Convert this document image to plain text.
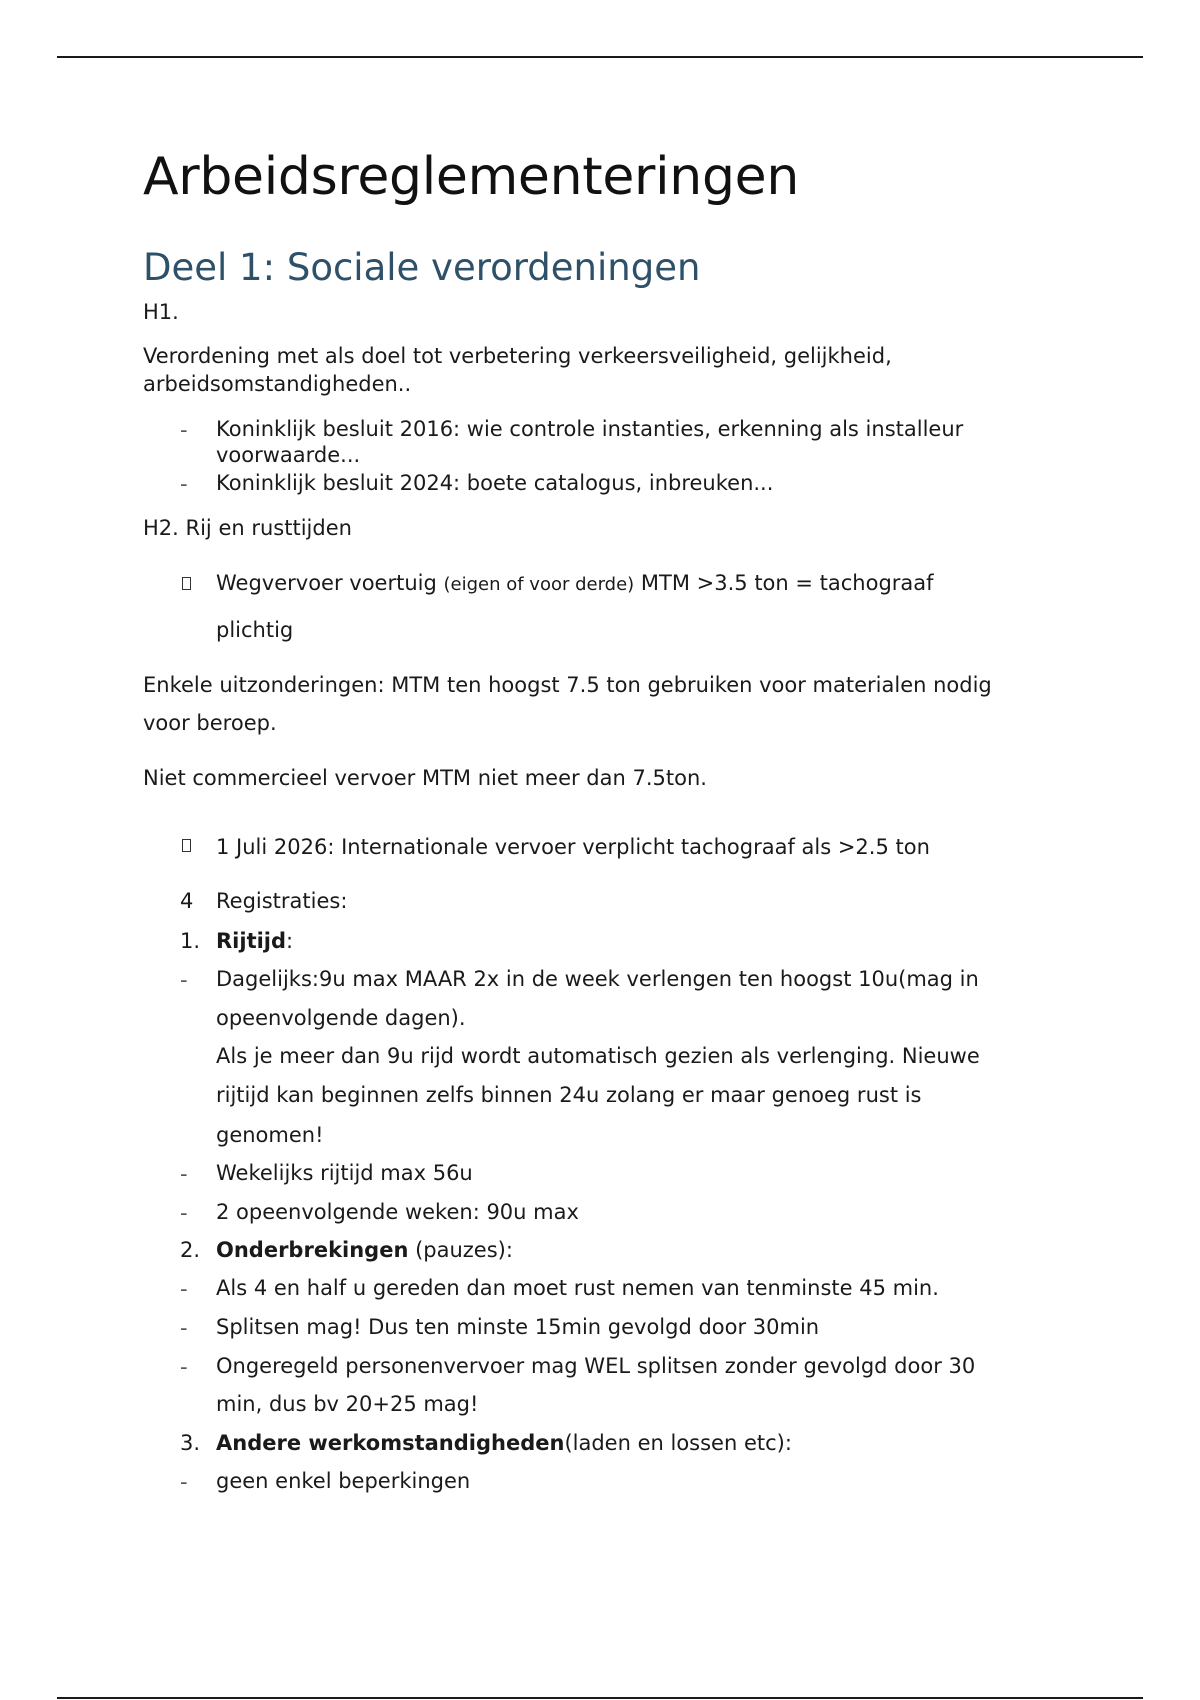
Arbeidsreglementeringen
Deel 1: Sociale verordeningen
H1.
Verordening met als doel tot verbetering verkeersveiligheid, gelijkheid,
arbeidsomstandigheden..
- Koninklijk besluit 2016: wie controle instanties, erkenning als installeur
voorwaarde...
- Koninklijk besluit 2024: boete catalogus, inbreuken...
H2. Rij en rusttijden
Wegvervoer voertuig (eigen of voor derde) MTM >3.5 ton = tachograaf
plichtig
Enkele uitzonderingen: MTM ten hoogst 7.5 ton gebruiken voor materialen nodig
voor beroep.
Niet commercieel vervoer MTM niet meer dan 7.5ton.
1 Juli 2026: Internationale vervoer verplicht tachograaf als >2.5 ton
4 Registraties:
1. Rijtijd:
- Dagelijks:9u max MAAR 2x in de week verlengen ten hoogst 10u(mag in
opeenvolgende dagen).
Als je meer dan 9u rijd wordt automatisch gezien als verlenging. Nieuwe
rijtijd kan beginnen zelfs binnen 24u zolang er maar genoeg rust is
genomen!
- Wekelijks rijtijd max 56u
- 2 opeenvolgende weken: 90u max
2. Onderbrekingen (pauzes):
- Als 4 en half u gereden dan moet rust nemen van tenminste 45 min.
- Splitsen mag! Dus ten minste 15min gevolgd door 30min
- Ongeregeld personenvervoer mag WEL splitsen zonder gevolgd door 30
min, dus bv 20+25 mag!
3. Andere werkomstandigheden(laden en lossen etc):
- geen enkel beperkingen
